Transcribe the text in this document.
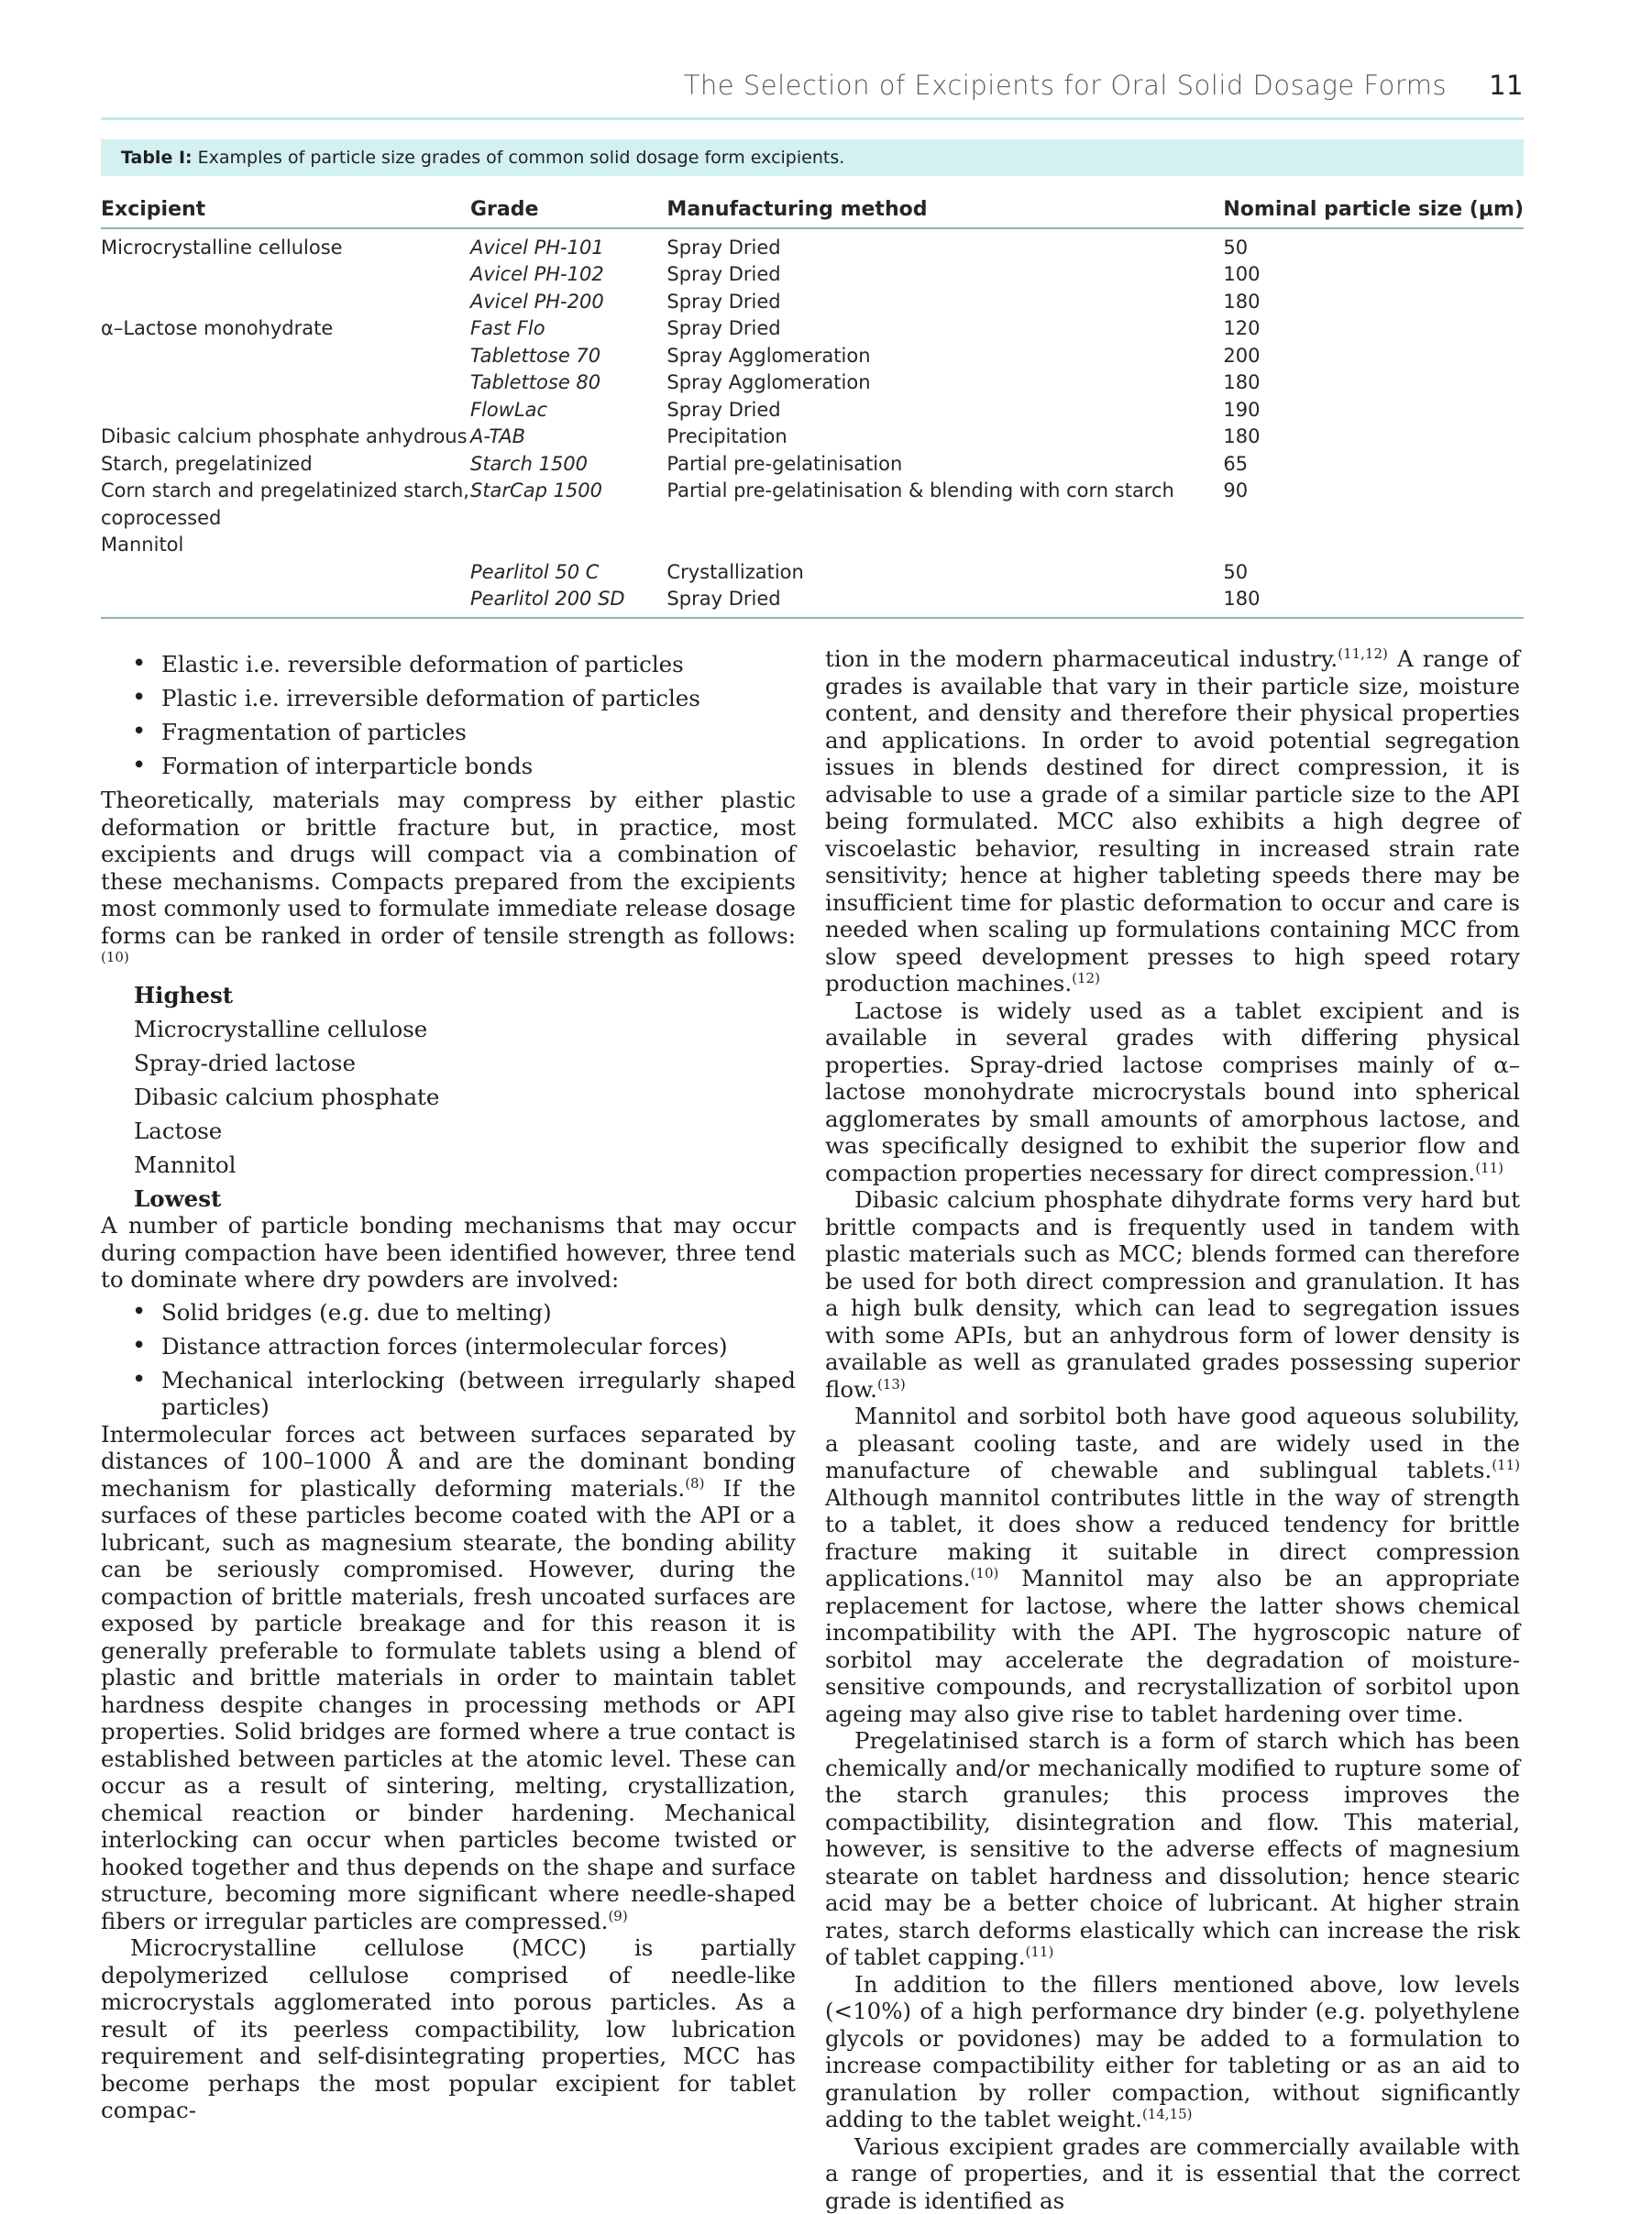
The Selection of Excipients for Oral Solid Dosage Forms 11
Table I: Examples of particle size grades of common solid dosage form excipients.
Excipient	Grade	Manufacturing method	Nominal particle size (μm)
Microcrystalline cellulose	Avicel PH-101	Spray Dried	50
	Avicel PH-102	Spray Dried	100
	Avicel PH-200	Spray Dried	180
α–Lactose monohydrate	Fast Flo	Spray Dried	120
	Tablettose 70	Spray Agglomeration	200
	Tablettose 80	Spray Agglomeration	180
	FlowLac	Spray Dried	190
Dibasic calcium phosphate anhydrous	A-TAB	Precipitation	180
Starch, pregelatinized	Starch 1500	Partial pre-gelatinisation	65
Corn starch and pregelatinized starch,	StarCap 1500	Partial pre-gelatinisation & blending with corn starch	90
coprocessed			
Mannitol			
	Pearlitol 50 C	Crystallization	50
	Pearlitol 200 SD	Spray Dried	180
• Elastic i.e. reversible deformation of particles
• Plastic i.e. irreversible deformation of particles
• Fragmentation of particles
• Formation of interparticle bonds

Theoretically, materials may compress by either plastic deformation or brittle fracture but, in practice, most excipients and drugs will compact via a combination of these mechanisms. Compacts prepared from the excipients most commonly used to formulate immediate release dosage forms can be ranked in order of tensile strength as follows:$^{(10)}$

Highest
Microcrystalline cellulose
Spray-dried lactose
Dibasic calcium phosphate
Lactose
Mannitol
Lowest

A number of particle bonding mechanisms that may occur during compaction have been identified however, three tend to dominate where dry powders are involved:

• Solid bridges (e.g. due to melting)
• Distance attraction forces (intermolecular forces)
• Mechanical interlocking (between irregularly shaped particles)

Intermolecular forces act between surfaces separated by distances of 100–1000 Å and are the dominant bonding mechanism for plastically deforming materials.$^{(8)}$ If the surfaces of these particles become coated with the API or a lubricant, such as magnesium stearate, the bonding ability can be seriously compromised. However, during the compaction of brittle materials, fresh uncoated surfaces are exposed by particle breakage and for this reason it is generally preferable to formulate tablets using a blend of plastic and brittle materials in order to maintain tablet hardness despite changes in processing methods or API properties. Solid bridges are formed where a true contact is established between particles at the atomic level. These can occur as a result of sintering, melting, crystallization, chemical reaction or binder hardening. Mechanical interlocking can occur when particles become twisted or hooked together and thus depends on the shape and surface structure, becoming more significant where needle-shaped fibers or irregular particles are compressed.$^{(9)}$

Microcrystalline cellulose (MCC) is partially depolymerized cellulose comprised of needle-like microcrystals agglomerated into porous particles. As a result of its peerless compactibility, low lubrication requirement and self-disintegrating properties, MCC has become perhaps the most popular excipient for tablet compac-

tion in the modern pharmaceutical industry.$^{(11,12)}$ A range of grades is available that vary in their particle size, moisture content, and density and therefore their physical properties and applications. In order to avoid potential segregation issues in blends destined for direct compression, it is advisable to use a grade of a similar particle size to the API being formulated. MCC also exhibits a high degree of viscoelastic behavior, resulting in increased strain rate sensitivity; hence at higher tableting speeds there may be insufficient time for plastic deformation to occur and care is needed when scaling up formulations containing MCC from slow speed development presses to high speed rotary production machines.$^{(12)}$

Lactose is widely used as a tablet excipient and is available in several grades with differing physical properties. Spray-dried lactose comprises mainly of α–lactose monohydrate microcrystals bound into spherical agglomerates by small amounts of amorphous lactose, and was specifically designed to exhibit the superior flow and compaction properties necessary for direct compression.$^{(11)}$

Dibasic calcium phosphate dihydrate forms very hard but brittle compacts and is frequently used in tandem with plastic materials such as MCC; blends formed can therefore be used for both direct compression and granulation. It has a high bulk density, which can lead to segregation issues with some APIs, but an anhydrous form of lower density is available as well as granulated grades possessing superior flow.$^{(13)}$

Mannitol and sorbitol both have good aqueous solubility, a pleasant cooling taste, and are widely used in the manufacture of chewable and sublingual tablets.$^{(11)}$ Although mannitol contributes little in the way of strength to a tablet, it does show a reduced tendency for brittle fracture making it suitable in direct compression applications.$^{(10)}$ Mannitol may also be an appropriate replacement for lactose, where the latter shows chemical incompatibility with the API. The hygroscopic nature of sorbitol may accelerate the degradation of moisture-sensitive compounds, and recrystallization of sorbitol upon ageing may also give rise to tablet hardening over time.

Pregelatinised starch is a form of starch which has been chemically and/or mechanically modified to rupture some of the starch granules; this process improves the compactibility, disintegration and flow. This material, however, is sensitive to the adverse effects of magnesium stearate on tablet hardness and dissolution; hence stearic acid may be a better choice of lubricant. At higher strain rates, starch deforms elastically which can increase the risk of tablet capping.$^{(11)}$

In addition to the fillers mentioned above, low levels (<10%) of a high performance dry binder (e.g. polyethylene glycols or povidones) may be added to a formulation to increase compactibility either for tableting or as an aid to granulation by roller compaction, without significantly adding to the tablet weight.$^{(14,15)}$

Various excipient grades are commercially available with a range of properties, and it is essential that the correct grade is identified as
